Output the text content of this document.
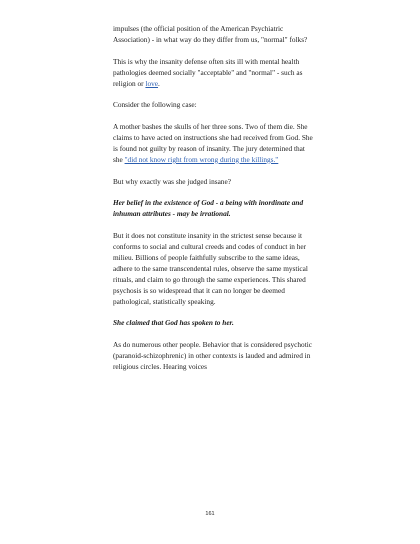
impulses (the official position of the American Psychiatric Association) - in what way do they differ from us, "normal" folks?

This is why the insanity defense often sits ill with mental health pathologies deemed socially "acceptable" and "normal" - such as religion or love.

Consider the following case:

A mother bashes the skulls of her three sons. Two of them die. She claims to have acted on instructions she had received from God. She is found not guilty by reason of insanity. The jury determined that she "did not know right from wrong during the killings."

But why exactly was she judged insane?

Her belief in the existence of God - a being with inordinate and inhuman attributes - may be irrational.

But it does not constitute insanity in the strictest sense because it conforms to social and cultural creeds and codes of conduct in her milieu. Billions of people faithfully subscribe to the same ideas, adhere to the same transcendental rules, observe the same mystical rituals, and claim to go through the same experiences. This shared psychosis is so widespread that it can no longer be deemed pathological, statistically speaking.

She claimed that God has spoken to her.

As do numerous other people. Behavior that is considered psychotic (paranoid-schizophrenic) in other contexts is lauded and admired in religious circles. Hearing voices

161
